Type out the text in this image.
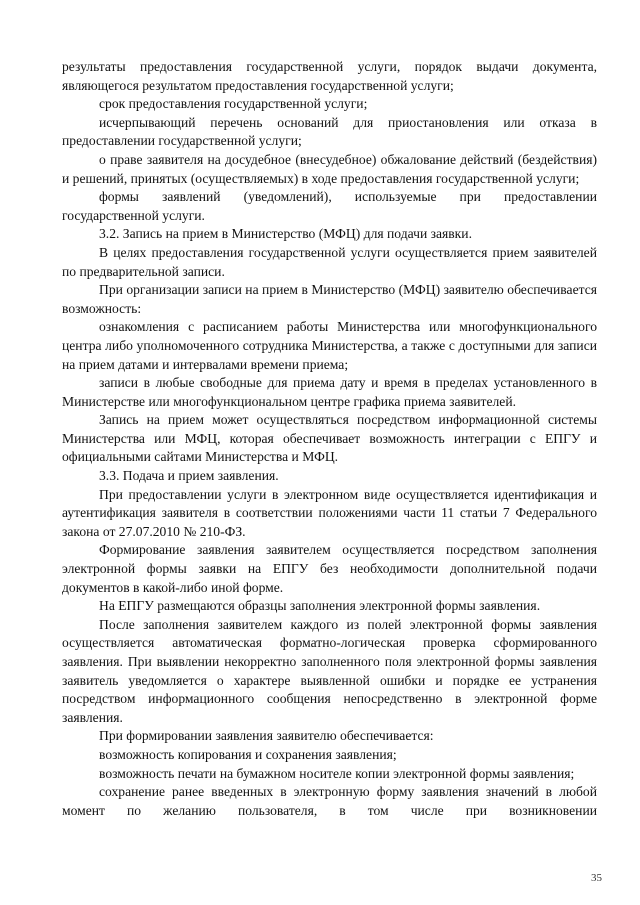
результаты предоставления государственной услуги, порядок выдачи документа, являющегося результатом предоставления государственной услуги;

срок предоставления государственной услуги;

исчерпывающий перечень оснований для приостановления или отказа в предоставлении государственной услуги;

о праве заявителя на досудебное (внесудебное) обжалование действий (бездействия) и решений, принятых (осуществляемых) в ходе предоставления государственной услуги;

формы заявлений (уведомлений), используемые при предоставлении государственной услуги.

3.2. Запись на прием в Министерство (МФЦ) для подачи заявки.

В целях предоставления государственной услуги осуществляется прием заявителей по предварительной записи.

При организации записи на прием в Министерство (МФЦ) заявителю обеспечивается возможность:

ознакомления с расписанием работы Министерства или многофункционального центра либо уполномоченного сотрудника Министерства, а также с доступными для записи на прием датами и интервалами времени приема;

записи в любые свободные для приема дату и время в пределах установленного в Министерстве или многофункциональном центре графика приема заявителей.

Запись на прием может осуществляться посредством информационной системы Министерства или МФЦ, которая обеспечивает возможность интеграции с ЕПГУ и официальными сайтами Министерства и МФЦ.

3.3. Подача и прием заявления.

При предоставлении услуги в электронном виде осуществляется идентификация и аутентификация заявителя в соответствии положениями части 11 статьи 7 Федерального закона от 27.07.2010 № 210-ФЗ.

Формирование заявления заявителем осуществляется посредством заполнения электронной формы заявки на ЕПГУ без необходимости дополнительной подачи документов в какой-либо иной форме.

На ЕПГУ размещаются образцы заполнения электронной формы заявления.

После заполнения заявителем каждого из полей электронной формы заявления осуществляется автоматическая форматно-логическая проверка сформированного заявления. При выявлении некорректно заполненного поля электронной формы заявления заявитель уведомляется о характере выявленной ошибки и порядке ее устранения посредством информационного сообщения непосредственно в электронной форме заявления.

При формировании заявления заявителю обеспечивается:

возможность копирования и сохранения заявления;

возможность печати на бумажном носителе копии электронной формы заявления;

сохранение ранее введенных в электронную форму заявления значений в любой момент по желанию пользователя, в том числе при возникновении

35
